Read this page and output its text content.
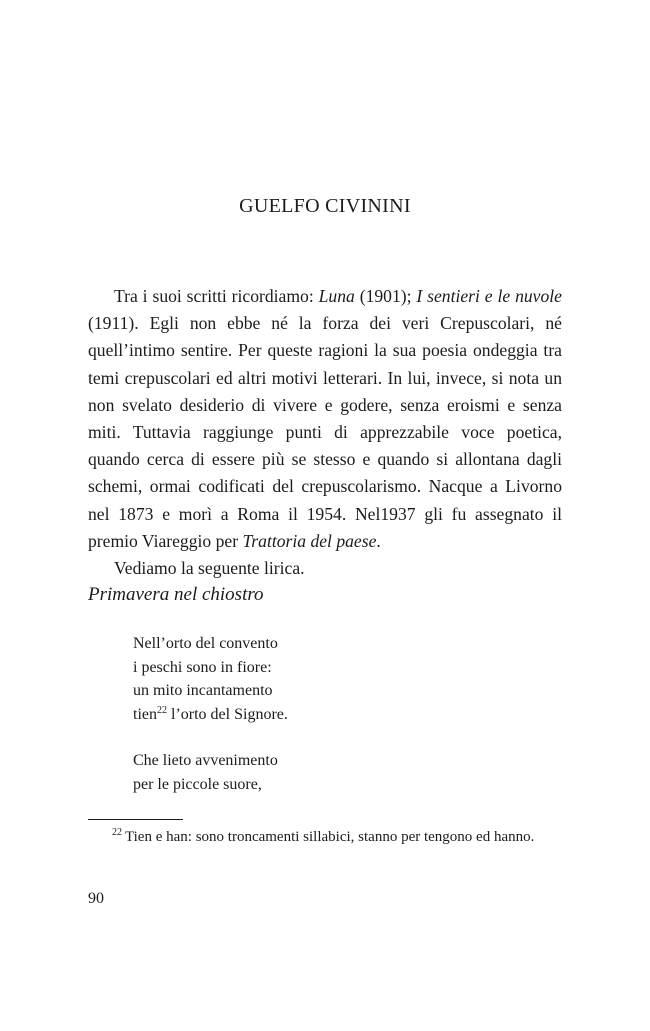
GUELFO CIVININI

Tra i suoi scritti ricordiamo: Luna (1901); I sentieri e le nuvole (1911). Egli non ebbe né la forza dei veri Crepuscolari, né quell’intimo sentire. Per queste ragioni la sua poesia ondeggia tra temi crepuscolari ed altri motivi letterari. In lui, invece, si nota un non svelato desiderio di vivere e godere, senza eroismi e senza miti. Tuttavia raggiunge punti di apprezzabile voce poetica, quando cerca di essere più se stesso e quando si allontana dagli schemi, ormai codificati del crepuscolarismo. Nacque a Livorno nel 1873 e morì a Roma il 1954. Nel1937 gli fu assegnato il premio Viareggio per Trattoria del paese.

Vediamo la seguente lirica.

Primavera nel chiostro
Nell’orto del convento
i peschi sono in fiore:
un mito incantamento
tien$^{22}$ l’orto del Signore.
Che lieto avvenimento
per le piccole suore,

$^{22}$ Tien e han: sono troncamenti sillabici, stanno per tengono ed hanno.

90
